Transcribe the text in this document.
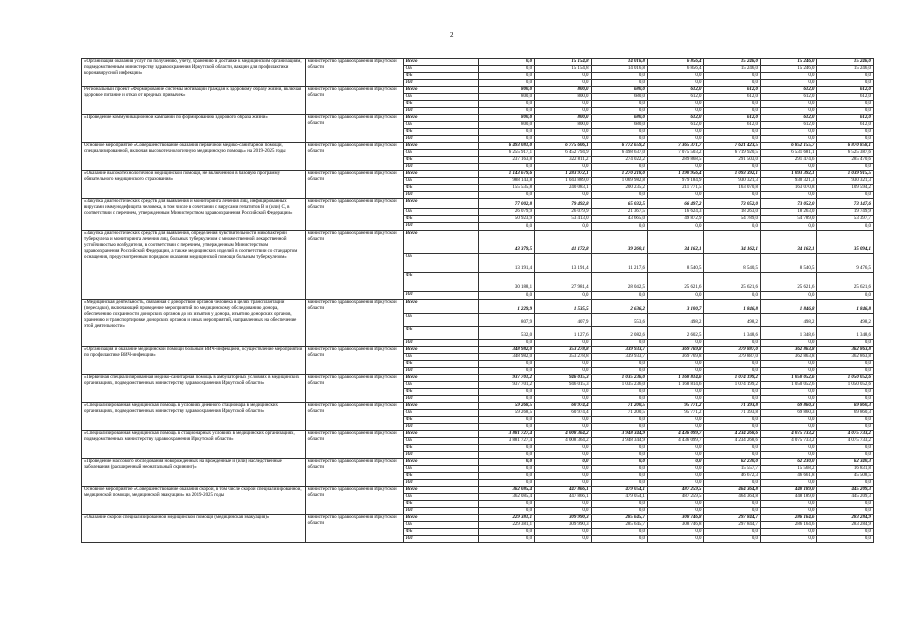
2
«Организация оказания услуг по получению, учету, хранению и доставке к медицинским организациям, подведомственным министерству здравоохранения Иркутской области, вакцин для профилактики коронавирусной инфекции»	министерство здравоохранения Иркутской области	Всего	0,0	15 154,8	14 016,8	6 856,4	15 246,0	15 246,0	15 246,0
		ОБ	0,0	15 154,8	14 016,8	6 856,4	15 246,0	15 246,0	15 246,0
		ФБ	0,0	0,0	0,0	0,0	0,0	0,0	0,0
		ИИ	0,0	0,0	0,0	0,0	0,0	0,0	0,0
Региональный проект «Формирование системы мотивации граждан к здоровому образу жизни, включая здоровое питание и отказ от вредных привычек»	министерство здравоохранения Иркутской области	Всего	800,0	800,0	680,0	612,0	612,0	612,0	612,0
		ОБ	800,0	800,0	680,0	612,0	612,0	612,0	612,0
		ФБ	0,0	0,0	0,0	0,0	0,0	0,0	0,0
		ИИ	0,0	0,0	0,0	0,0	0,0	0,0	0,0
«Проведение коммуникационной кампании по формированию здорового образа жизни»	министерство здравоохранения Иркутской области	Всего	800,0	800,0	680,0	612,0	612,0	612,0	612,0
		ОБ	800,0	800,0	680,0	612,0	612,0	612,0	612,0
		ФБ	0,0	0,0	0,0	0,0	0,0	0,0	0,0
		ИИ	0,0	0,0	0,0	0,0	0,0	0,0	0,0
Основное мероприятие «Совершенствование оказания первичной медико-санитарной помощи, специализированной, включая высокотехнологичную медицинскую помощь» на 2019-2025 годы	министерство здравоохранения Иркутской области	Всего	6 493 081,0	6 775 606,1	6 772 659,2	7 365 371,7	7 621 423,5	6 852 155,7	6 870 858,1
		ОБ	6 255 917,1	6 452 794,9	6 498 637,0	7 075 503,2	6 719 920,5	6 531 681,1	6 525 387,6
		ФБ	237 163,8	322 811,2	274 022,2	289 868,5	291 503,0	291 474,6	285 470,6
		ИИ	0,0	0,0	0,0	0,0	0,0	0,0	0,0
«Оказание высокотехнологичной медицинской помощи, не включенной в базовую программу обязательного медицинского страхования»	министерство здравоохранения Иркутской области	Всего	1 143 679,6	1 283 972,1	1 270 218,0	1 190 956,4	1 093 392,1	1 093 392,1	1 039 915,5
		ОБ	988 143,8	1 043 889,0	1 069 982,8	979 184,9	930 321,3	930 321,3	930 321,3
		ФБ	155 535,8	240 083,1	200 235,2	211 771,5	163 070,8	163 070,8	109 594,2
		ИИ	0,0	0,0	0,0	0,0	0,0	0,0	0,0
«Закупка диагностических средств для выявления и мониторинга лечения лиц, инфицированных вирусами иммунодефицита человека, в том числе в сочетании с вирусами гепатитов В и (или) С, в соответствии с перечнем, утвержденным Министерством здравоохранения Российской Федерации»	министерство здравоохранения Иркутской области	Всего	77 002,8	79 492,8	65 032,5	66 497,2	73 052,0	73 052,0	73 147,6
		ОБ	26 079,9	26 079,9	21 367,5	16 624,3	18 263,0	18 263,0	19 749,9
		ФБ	50 923,9	53 413,0	43 665,0	49 872,9	54 789,0	54 789,0	53 397,7
		ИИ	0,0	0,0	0,0	0,0	0,0	0,0	0,0
«Закупка диагностических средств для выявления, определения чувствительности микобактерии туберкулеза и мониторинга лечения лиц, больных туберкулезом с множественной лекарственной устойчивостью возбудителя, в соответствии с перечнем, утвержденным Министерством здравоохранения Российской Федерации, а также медицинских изделий в соответствии со стандартом оснащения, предусмотренным порядком оказания медицинской помощи больным туберкулезом»	министерство здравоохранения Иркутской области	Всего	43 379,5	41 172,8	39 260,1	34 162,1	34 162,1	34 162,1	35 094,1
		ОБ	13 191,4	13 191,4	11 217,6	8 540,5	8 540,5	8 540,5	9 476,5
		ФБ	30 188,1	27 981,4	28 042,5	25 621,6	25 621,6	25 621,6	25 621,6
		ИИ	0,0	0,0	0,0	0,0	0,0	0,0	0,0
«Медицинская деятельность, связанная с донорством органов человека в целях трансплантации (пересадки), включающей проведение мероприятий по медицинскому обследованию донора, обеспечению сохранности донорских органов до их изъятия у донора, изъятию донорских органов, хранению и транспортировке донорских органов и иных мероприятий, направленных на обеспечение этой деятельности»	министерство здравоохранения Иркутской области	Всего	1 229,9	1 535,5	2 636,2	3 100,7	1 846,8	1 846,8	1 846,8
		ОБ	807,9	407,9	553,6	498,2	498,2	498,2	498,2
		ФБ	532,0	1 127,6	2 082,6	2 602,5	1 348,6	1 348,6	1 348,6
		ИИ	0,0	0,0	0,0	0,0	0,0	0,0	0,0
«Организация и оказание медицинской помощи больным ВИЧ-инфекцией, осуществление мероприятий по профилактике ВИЧ-инфекции»	министерство здравоохранения Иркутской области	Всего	348 982,0	353 278,8	339 933,7	369 769,8	379 887,0	362 863,8	362 863,8
		ОБ	348 982,0	353 278,8	339 933,7	369 769,8	379 887,0	362 863,8	362 863,8
		ФБ	0,0	0,0	0,0	0,0	0,0	0,0	0,0
		ИИ	0,0	0,0	0,0	0,0	0,0	0,0	0,0
«Первичная специализированная медико-санитарная помощь в амбулаторных условиях в медицинских организациях, подведомственных министерству здравоохранения Иркутской области»	министерство здравоохранения Иркутской области	Всего	937 701,2	946 015,3	1 035 236,0	1 168 814,6	1 074 199,2	1 050 052,6	1 050 052,6
		ОБ	937 701,2	946 015,3	1 035 236,0	1 168 814,6	1 074 199,2	1 050 052,6	1 050 052,6
		ФБ	0,0	0,0	0,0	0,0	0,0	0,0	0,0
		ИИ	0,0	0,0	0,0	0,0	0,0	0,0	0,0
«Специализированная медицинская помощь в условиях дневного стационара в медицинских организациях, подведомственных министерству здравоохранения Иркутской области»	министерство здравоохранения Иркутской области	Всего	59 268,5	60 974,4	71 200,5	95 771,2	71 393,8	69 860,3	69 860,3
		ОБ	59 268,5	60 974,4	71 200,5	95 771,2	71 393,8	69 860,3	69 860,3
		ФБ	0,0	0,0	0,0	0,0	0,0	0,0	0,0
		ИИ	0,0	0,0	0,0	0,0	0,0	0,0	0,0
«Специализированная медицинская помощь в стационарных условиях в медицинских организациях, подведомственных министерству здравоохранения Иркутской области»	министерство здравоохранения Иркутской области	Всего	3 881 727,4	4 008 364,2	3 948 344,9	4 436 099,7	4 234 268,6	4 075 733,2	4 075 733,2
		ОБ	3 881 727,4	4 008 364,2	3 948 344,9	4 436 099,7	4 234 268,6	4 075 733,2	4 075 733,2
		ФБ	0,0	0,0	0,0	0,0	0,0	0,0	0,0
		ИИ	0,0	0,0	0,0	0,0	0,0	0,0	0,0
«Проведение массового обследования новорожденных на врожденные и (или) наследственные заболевания (расширенный неонатальный скрининг)»	министерство здравоохранения Иркутской области	Всего	0,0	0,0	0,0	0,0	62 230,0	62 230,0	62 340,3
		ОБ	0,0	0,0	0,0	0,0	15 557,7	15 568,2	16 831,8
		ФБ	0,0	0,0	0,0	0,0	46 672,3	46 661,8	45 508,5
		ИИ	0,0	0,0	0,0	0,0	0,0	0,0	0,0
Основное мероприятие «Совершенствование оказания скорой, в том числе скорой специализированной, медицинской помощи, медицинской эвакуации» на 2019-2025 годы	министерство здравоохранения Иркутской области	Всего	362 085,4	447 866,1	479 054,1	487 259,5	464 364,8	448 189,0	445 209,3
		ОБ	362 085,4	447 866,1	479 054,1	487 259,5	464 364,8	448 189,0	445 209,3
		ФБ	0,0	0,0	0,0	0,0	0,0	0,0	0,0
		ИИ	0,0	0,0	0,0	0,0	0,0	0,0	0,0
«Оказание скорой специализированной медицинской помощи (медицинская эвакуация)»	министерство здравоохранения Иркутской области	Всего	229 381,1	309 990,3	285 645,7	308 746,8	297 844,7	286 164,6	283 284,9
		ОБ	229 381,1	309 990,3	285 645,7	308 746,8	297 844,7	286 164,6	283 284,9
		ФБ	0,0	0,0	0,0	0,0	0,0	0,0	0,0
		ИИ	0,0	0,0	0,0	0,0	0,0	0,0	0,0
